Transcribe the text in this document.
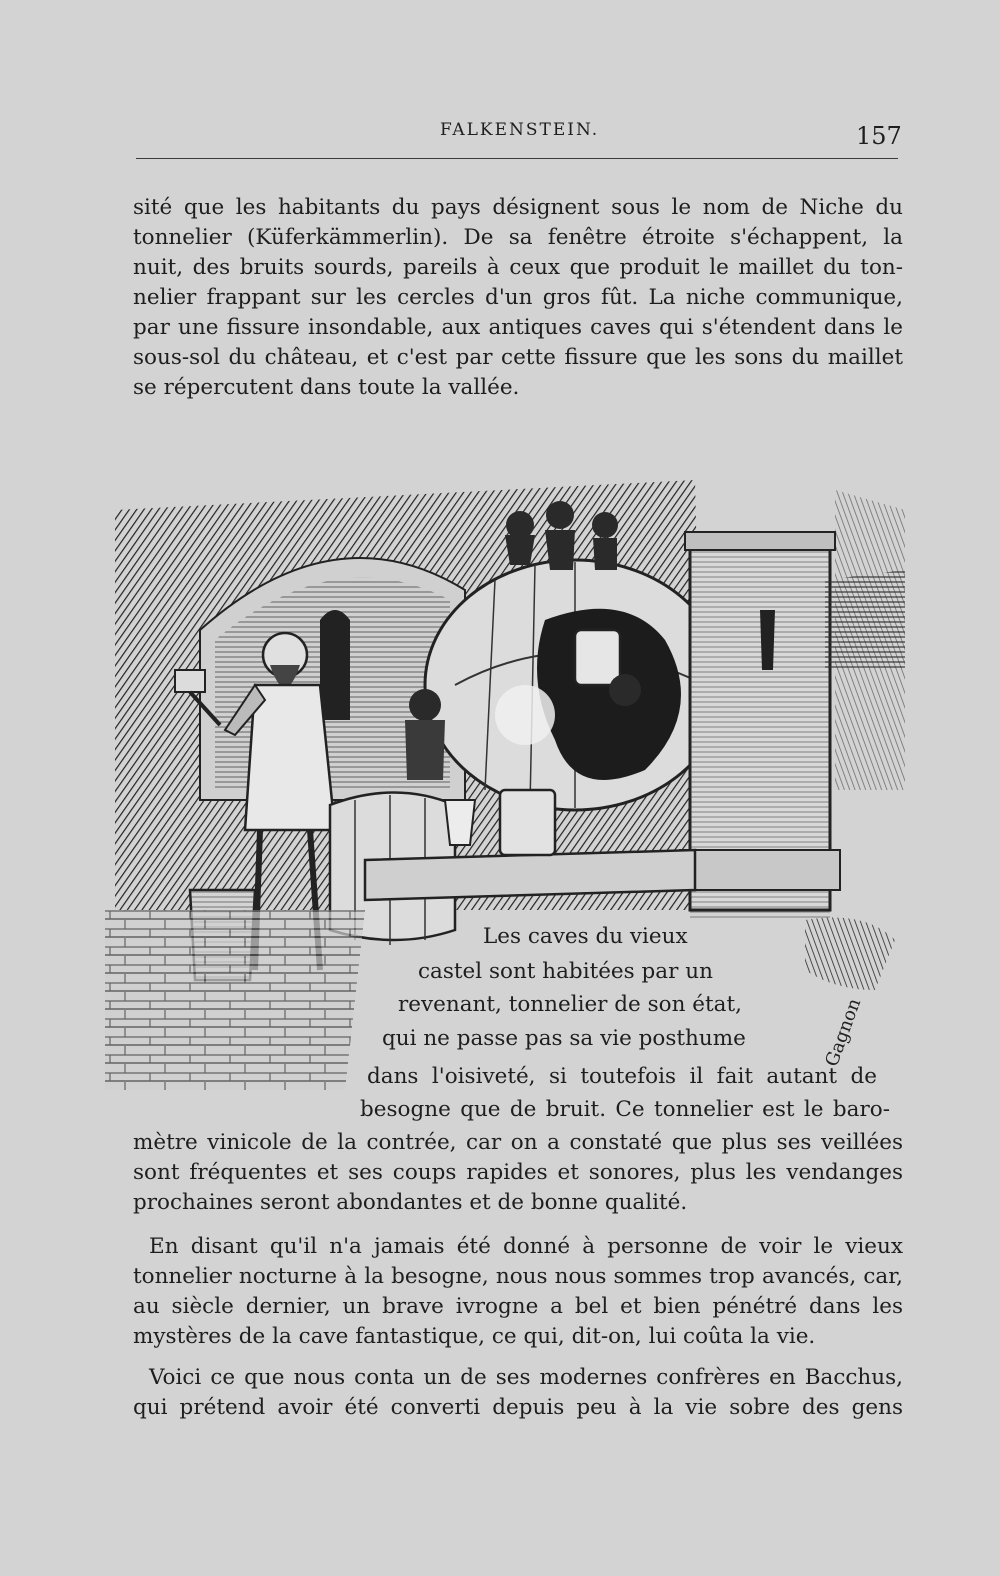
FALKENSTEIN.	157
sité que les habitants du pays désignent sous le nom de Niche du
tonnelier (Küferkämmerlin). De sa fenêtre étroite s'échappent, la
nuit, des bruits sourds, pareils à ceux que produit le maillet du ton-
nelier frappant sur les cercles d'un gros fût. La niche communique,
par une fissure insondable, aux antiques caves qui s'étendent dans le
sous-sol du château, et c'est par cette fissure que les sons du maillet
se répercutent dans toute la vallée.
Les caves du vieux
castel sont habitées par un
revenant, tonnelier de son état,
qui ne passe pas sa vie posthume
dans l'oisiveté, si toutefois il fait autant de
besogne que de bruit. Ce tonnelier est le baro-
Gagnon
mètre vinicole de la contrée, car on a constaté que plus ses veillées
sont fréquentes et ses coups rapides et sonores, plus les vendanges
prochaines seront abondantes et de bonne qualité.
En disant qu'il n'a jamais été donné à personne de voir le vieux
tonnelier nocturne à la besogne, nous nous sommes trop avancés, car,
au siècle dernier, un brave ivrogne a bel et bien pénétré dans les
mystères de la cave fantastique, ce qui, dit-on, lui coûta la vie.
Voici ce que nous conta un de ses modernes confrères en Bacchus,
qui prétend avoir été converti depuis peu à la vie sobre des gens
